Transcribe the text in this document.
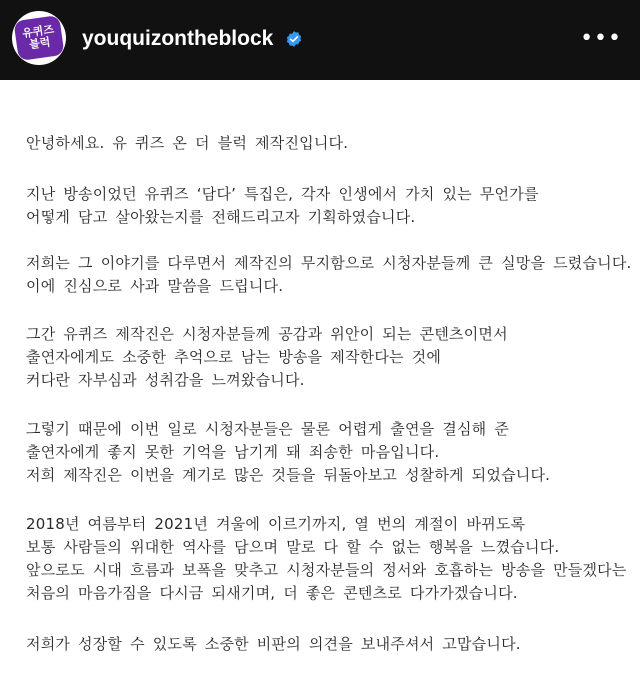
유퀴즈
블럭 youquizontheblock	•••
안녕하세요. 유 퀴즈 온 더 블럭 제작진입니다.
지난 방송이었던 유퀴즈 ‘담다’ 특집은, 각자 인생에서 가치 있는 무언가를
어떻게 담고 살아왔는지를 전해드리고자 기획하였습니다.
저희는 그 이야기를 다루면서 제작진의 무지함으로 시청자분들께 큰 실망을 드렸습니다.
이에 진심으로 사과 말씀을 드립니다.
그간 유퀴즈 제작진은 시청자분들께 공감과 위안이 되는 콘텐츠이면서
출연자에게도 소중한 추억으로 남는 방송을 제작한다는 것에
커다란 자부심과 성취감을 느껴왔습니다.
그렇기 때문에 이번 일로 시청자분들은 물론 어렵게 출연을 결심해 준
출연자에게 좋지 못한 기억을 남기게 돼 죄송한 마음입니다.
저희 제작진은 이번을 계기로 많은 것들을 뒤돌아보고 성찰하게 되었습니다.
2018년 여름부터 2021년 겨울에 이르기까지, 열 번의 계절이 바뀌도록
보통 사람들의 위대한 역사를 담으며 말로 다 할 수 없는 행복을 느꼈습니다.
앞으로도 시대 흐름과 보폭을 맞추고 시청자분들의 정서와 호흡하는 방송을 만들겠다는
처음의 마음가짐을 다시금 되새기며, 더 좋은 콘텐츠로 다가가겠습니다.
저희가 성장할 수 있도록 소중한 비판의 의견을 보내주셔서 고맙습니다.
